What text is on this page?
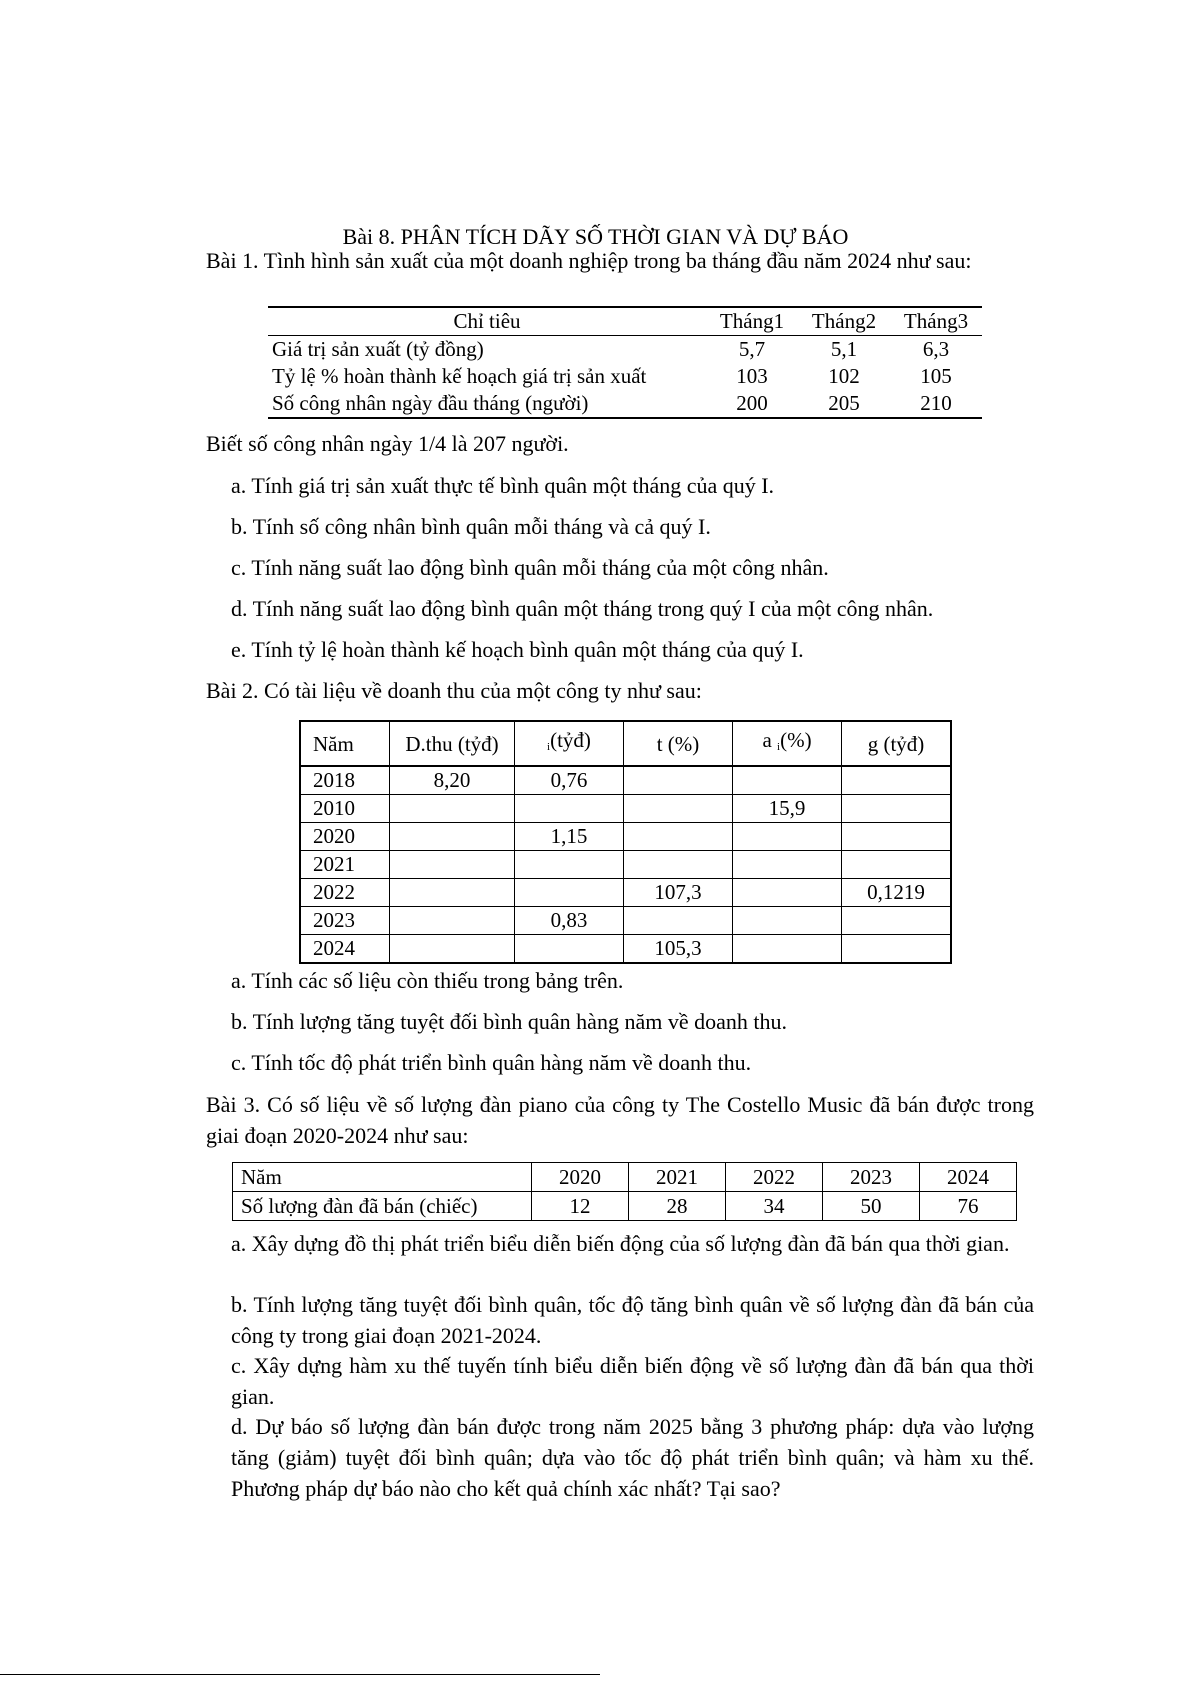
Bài 8. PHÂN TÍCH DÃY SỐ THỜI GIAN VÀ DỰ BÁO
Bài 1. Tình hình sản xuất của một doanh nghiệp trong ba tháng đầu năm 2024 như sau:
Chỉ tiêu	Tháng1	Tháng2	Tháng3
Giá trị sản xuất (tỷ đồng)	5,7	5,1	6,3
Tỷ lệ % hoàn thành kế hoạch giá trị sản xuất	103	102	105
Số công nhân ngày đầu tháng (người)	200	205	210
Biết số công nhân ngày 1/4 là 207 người.
a. Tính giá trị sản xuất thực tế bình quân một tháng của quý I.
b. Tính số công nhân bình quân mỗi tháng và cả quý I.
c. Tính năng suất lao động bình quân mỗi tháng của một công nhân.
d. Tính năng suất lao động bình quân một tháng trong quý I của một công nhân.
e. Tính tỷ lệ hoàn thành kế hoạch bình quân một tháng của quý I.
Bài 2. Có tài liệu về doanh thu của một công ty như sau:
Năm	D.thu (tỷđ)	$_i$(tỷđ)	t (%)	a $_i$(%)	g (tỷđ)
2018	8,20	0,76			
2010				15,9	
2020		1,15			
2021					
2022			107,3		0,1219
2023		0,83			
2024			105,3		
a. Tính các số liệu còn thiếu trong bảng trên.
b. Tính lượng tăng tuyệt đối bình quân hàng năm về doanh thu.
c. Tính tốc độ phát triển bình quân hàng năm về doanh thu.
Bài 3. Có số liệu về số lượng đàn piano của công ty The Costello Music đã bán được trong giai đoạn 2020-2024 như sau:
Năm	2020	2021	2022	2023	2024
Số lượng đàn đã bán (chiếc)	12	28	34	50	76
a. Xây dựng đồ thị phát triển biểu diễn biến động của số lượng đàn đã bán qua thời gian.
b. Tính lượng tăng tuyệt đối bình quân, tốc độ tăng bình quân về số lượng đàn đã bán của công ty trong giai đoạn 2021-2024.
c. Xây dựng hàm xu thế tuyến tính biểu diễn biến động về số lượng đàn đã bán qua thời gian.
d. Dự báo số lượng đàn bán được trong năm 2025 bằng 3 phương pháp: dựa vào lượng tăng (giảm) tuyệt đối bình quân; dựa vào tốc độ phát triển bình quân; và hàm xu thế. Phương pháp dự báo nào cho kết quả chính xác nhất? Tại sao?
